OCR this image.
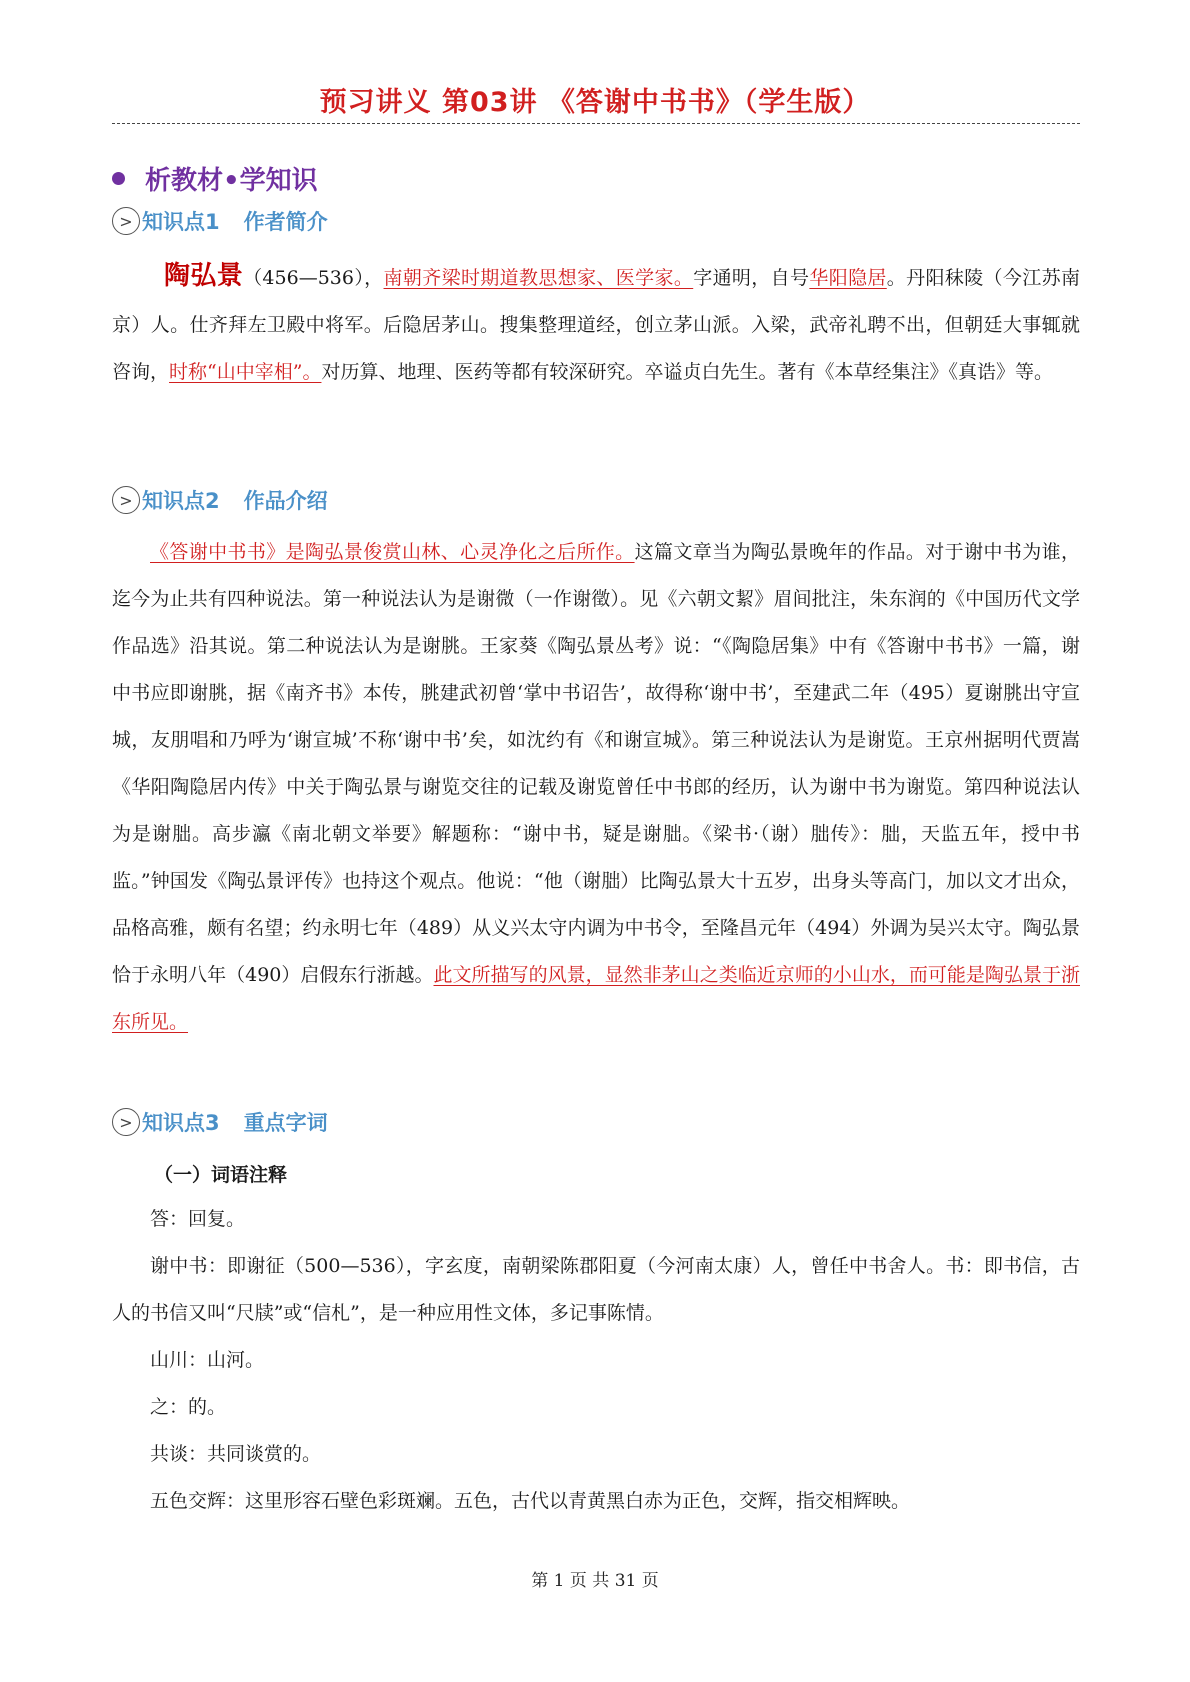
预习讲义 第03讲 《答谢中书书》（学生版）
析教材•学知识
> 知识点1 作者简介

陶弘景（456—536），南朝齐梁时期道教思想家、医学家。字通明，自号华阳隐居。丹阳秣陵（今江苏南京）人。仕齐拜左卫殿中将军。后隐居茅山。搜集整理道经，创立茅山派。入梁，武帝礼聘不出，但朝廷大事辄就咨询，时称“山中宰相”。对历算、地理、医药等都有较深研究。卒谥贞白先生。著有《本草经集注》《真诰》等。

> 知识点2 作品介绍

《答谢中书书》是陶弘景俊赏山林、心灵净化之后所作。这篇文章当为陶弘景晚年的作品。对于谢中书为谁，迄今为止共有四种说法。第一种说法认为是谢微（一作谢徵）。见《六朝文絜》眉间批注，朱东润的《中国历代文学作品选》沿其说。第二种说法认为是谢朓。王家葵《陶弘景丛考》说：“《陶隐居集》中有《答谢中书书》一篇，谢中书应即谢朓，据《南齐书》本传，朓建武初曾‘掌中书诏告’，故得称‘谢中书’，至建武二年（495）夏谢朓出守宣城，友朋唱和乃呼为‘谢宣城’不称‘谢中书’矣，如沈约有《和谢宣城》。第三种说法认为是谢览。王京州据明代贾嵩《华阳陶隐居内传》中关于陶弘景与谢览交往的记载及谢览曾任中书郎的经历，认为谢中书为谢览。第四种说法认为是谢朏。高步瀛《南北朝文举要》解题称：“谢中书，疑是谢朏。《梁书·（谢）朏传》：朏，天监五年，授中书监。”钟国发《陶弘景评传》也持这个观点。他说：“他（谢朏）比陶弘景大十五岁，出身头等高门，加以文才出众，品格高雅，颇有名望；约永明七年（489）从义兴太守内调为中书令，至隆昌元年（494）外调为吴兴太守。陶弘景恰于永明八年（490）启假东行浙越。此文所描写的风景，显然非茅山之类临近京师的小山水，而可能是陶弘景于浙东所见。

> 知识点3 重点字词
（一）词语注释

答：回复。

谢中书：即谢征（500—536），字玄度，南朝梁陈郡阳夏（今河南太康）人，曾任中书舍人。书：即书信，古人的书信又叫“尺牍”或“信札”，是一种应用性文体，多记事陈情。

山川：山河。

之：的。

共谈：共同谈赏的。

五色交辉：这里形容石壁色彩斑斓。五色，古代以青黄黑白赤为正色，交辉，指交相辉映。

第 1 页 共 31 页
